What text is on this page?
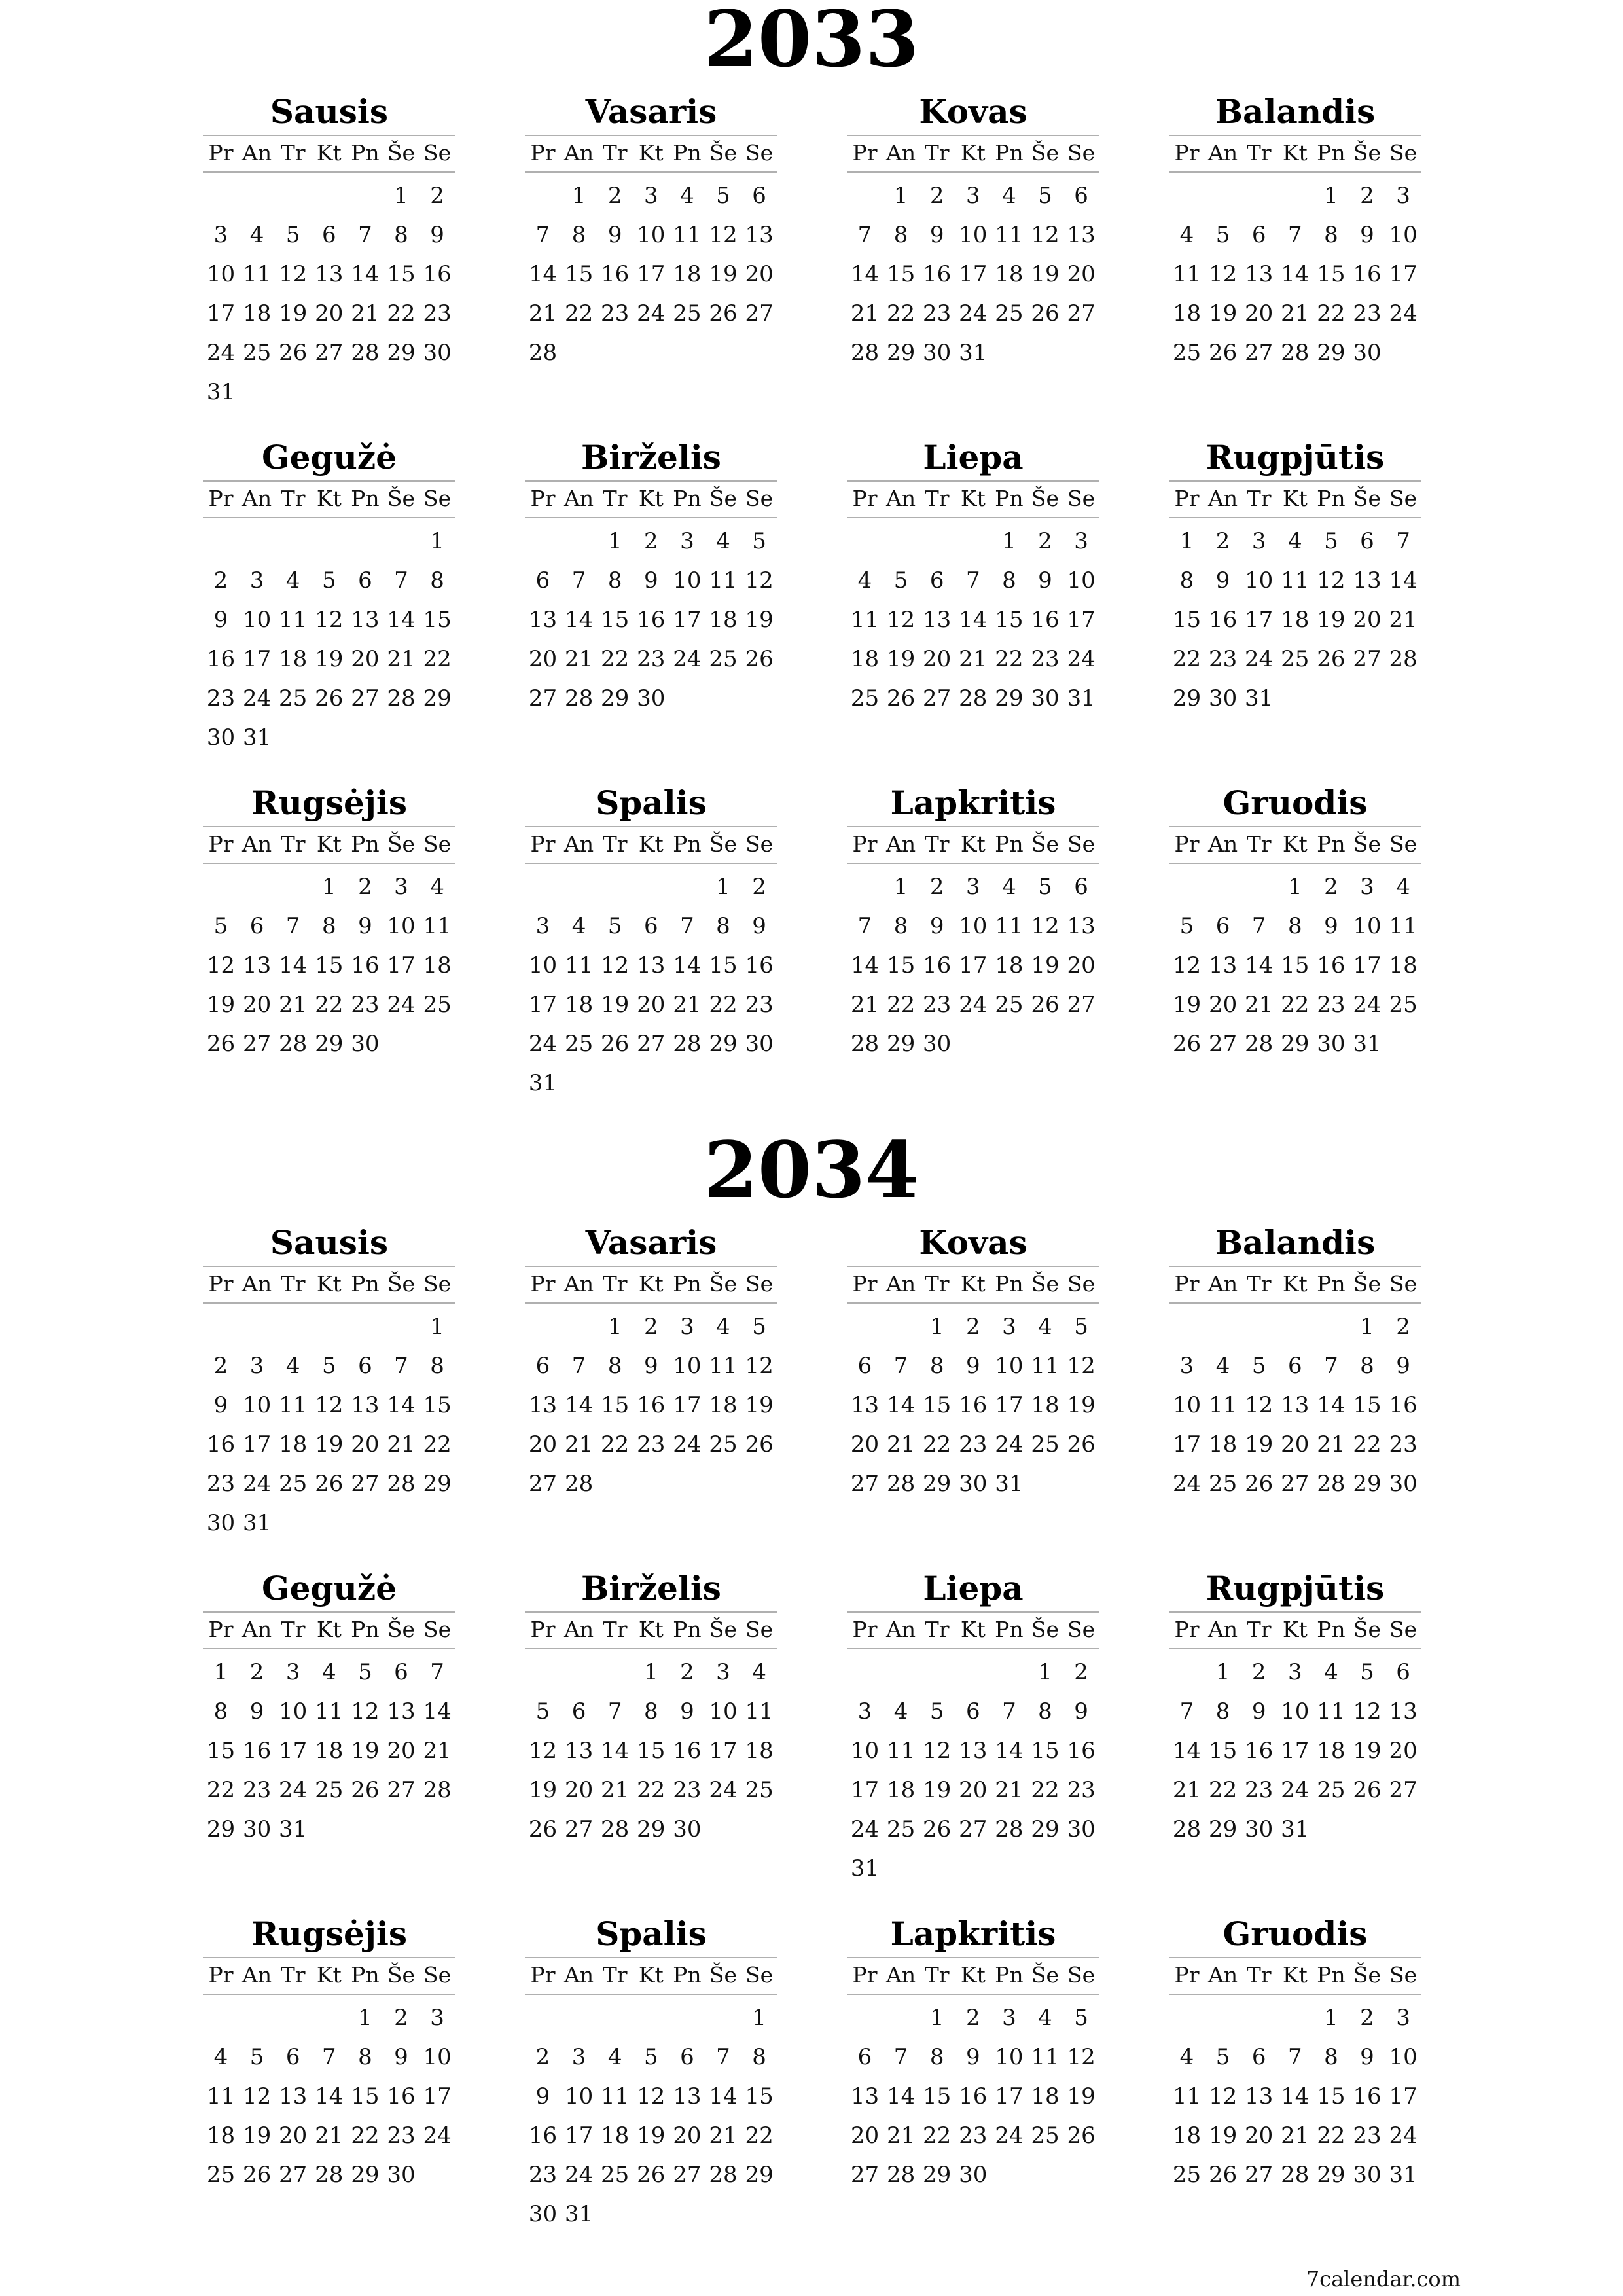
7calendar.com
2033
Sausis
Pr An Tr Kt Pn Še Se
1 2
3 4 5 6 7 8 9
10 11 12 13 14 15 16
17 18 19 20 21 22 23
24 25 26 27 28 29 30
31
Vasaris
Pr An Tr Kt Pn Še Se
1 2 3 4 5 6
7 8 9 10 11 12 13
14 15 16 17 18 19 20
21 22 23 24 25 26 27
28
Kovas
Pr An Tr Kt Pn Še Se
1 2 3 4 5 6
7 8 9 10 11 12 13
14 15 16 17 18 19 20
21 22 23 24 25 26 27
28 29 30 31
Balandis
Pr An Tr Kt Pn Še Se
1 2 3
4 5 6 7 8 9 10
11 12 13 14 15 16 17
18 19 20 21 22 23 24
25 26 27 28 29 30
Gegužė
Pr An Tr Kt Pn Še Se
1
2 3 4 5 6 7 8
9 10 11 12 13 14 15
16 17 18 19 20 21 22
23 24 25 26 27 28 29
30 31
Birželis
Pr An Tr Kt Pn Še Se
1 2 3 4 5
6 7 8 9 10 11 12
13 14 15 16 17 18 19
20 21 22 23 24 25 26
27 28 29 30
Liepa
Pr An Tr Kt Pn Še Se
1 2 3
4 5 6 7 8 9 10
11 12 13 14 15 16 17
18 19 20 21 22 23 24
25 26 27 28 29 30 31
Rugpjūtis
Pr An Tr Kt Pn Še Se
1 2 3 4 5 6 7
8 9 10 11 12 13 14
15 16 17 18 19 20 21
22 23 24 25 26 27 28
29 30 31
Rugsėjis
Pr An Tr Kt Pn Še Se
1 2 3 4
5 6 7 8 9 10 11
12 13 14 15 16 17 18
19 20 21 22 23 24 25
26 27 28 29 30
Spalis
Pr An Tr Kt Pn Še Se
1 2
3 4 5 6 7 8 9
10 11 12 13 14 15 16
17 18 19 20 21 22 23
24 25 26 27 28 29 30
31
Lapkritis
Pr An Tr Kt Pn Še Se
1 2 3 4 5 6
7 8 9 10 11 12 13
14 15 16 17 18 19 20
21 22 23 24 25 26 27
28 29 30
Gruodis
Pr An Tr Kt Pn Še Se
1 2 3 4
5 6 7 8 9 10 11
12 13 14 15 16 17 18
19 20 21 22 23 24 25
26 27 28 29 30 31
2034
Sausis
Pr An Tr Kt Pn Še Se
1
2 3 4 5 6 7 8
9 10 11 12 13 14 15
16 17 18 19 20 21 22
23 24 25 26 27 28 29
30 31
Vasaris
Pr An Tr Kt Pn Še Se
1 2 3 4 5
6 7 8 9 10 11 12
13 14 15 16 17 18 19
20 21 22 23 24 25 26
27 28
Kovas
Pr An Tr Kt Pn Še Se
1 2 3 4 5
6 7 8 9 10 11 12
13 14 15 16 17 18 19
20 21 22 23 24 25 26
27 28 29 30 31
Balandis
Pr An Tr Kt Pn Še Se
1 2
3 4 5 6 7 8 9
10 11 12 13 14 15 16
17 18 19 20 21 22 23
24 25 26 27 28 29 30
Gegužė
Pr An Tr Kt Pn Še Se
1 2 3 4 5 6 7
8 9 10 11 12 13 14
15 16 17 18 19 20 21
22 23 24 25 26 27 28
29 30 31
Birželis
Pr An Tr Kt Pn Še Se
1 2 3 4
5 6 7 8 9 10 11
12 13 14 15 16 17 18
19 20 21 22 23 24 25
26 27 28 29 30
Liepa
Pr An Tr Kt Pn Še Se
1 2
3 4 5 6 7 8 9
10 11 12 13 14 15 16
17 18 19 20 21 22 23
24 25 26 27 28 29 30
31
Rugpjūtis
Pr An Tr Kt Pn Še Se
1 2 3 4 5 6
7 8 9 10 11 12 13
14 15 16 17 18 19 20
21 22 23 24 25 26 27
28 29 30 31
Rugsėjis
Pr An Tr Kt Pn Še Se
1 2 3
4 5 6 7 8 9 10
11 12 13 14 15 16 17
18 19 20 21 22 23 24
25 26 27 28 29 30
Spalis
Pr An Tr Kt Pn Še Se
1
2 3 4 5 6 7 8
9 10 11 12 13 14 15
16 17 18 19 20 21 22
23 24 25 26 27 28 29
30 31
Lapkritis
Pr An Tr Kt Pn Še Se
1 2 3 4 5
6 7 8 9 10 11 12
13 14 15 16 17 18 19
20 21 22 23 24 25 26
27 28 29 30
Gruodis
Pr An Tr Kt Pn Še Se
1 2 3
4 5 6 7 8 9 10
11 12 13 14 15 16 17
18 19 20 21 22 23 24
25 26 27 28 29 30 31
